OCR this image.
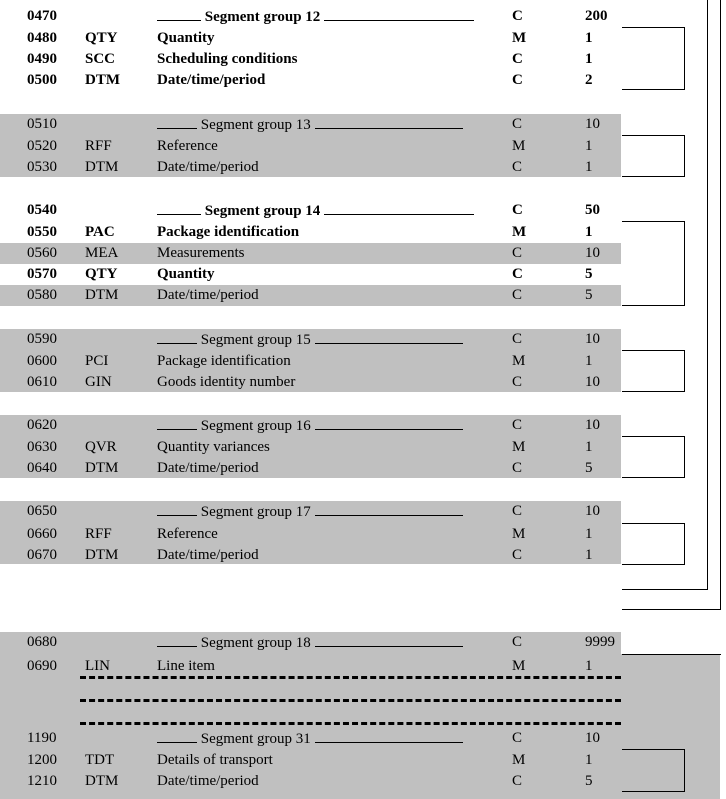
0470	Segment group 12	C	200
0480 QTY	Quantity	M	1
0490 SCC	Scheduling conditions	C	1
0500 DTM Date/time/period	C	2
0510	Segment group 13	C	10
0520 RFF	Reference	M	1
0530 DTM	Date/time/period	C	1
0540	Segment group 14	C	50
0550 PAC	Package identification	M	1
0560 MEA	Measurements	C	10
0570 QTY	Quantity	C	5
0580 DTM	Date/time/period	C	5
0590	Segment group 15	C	10
0600 PCI	Package identification	M	1
0610 GIN	Goods identity number	C	10
0620	Segment group 16	C	10
0630 QVR	Quantity variances	M	1
0640 DTM	Date/time/period	C	5
0650	Segment group 17	C	10
0660 RFF	Reference	M	1
0670 DTM	Date/time/period	C	1
0680	Segment group 18	C	9999
0690 LIN	Line item	M	1
1190	Segment group 31	C	10
1200 TDT	Details of transport	M	1
1210 DTM	Date/time/period	C	5
